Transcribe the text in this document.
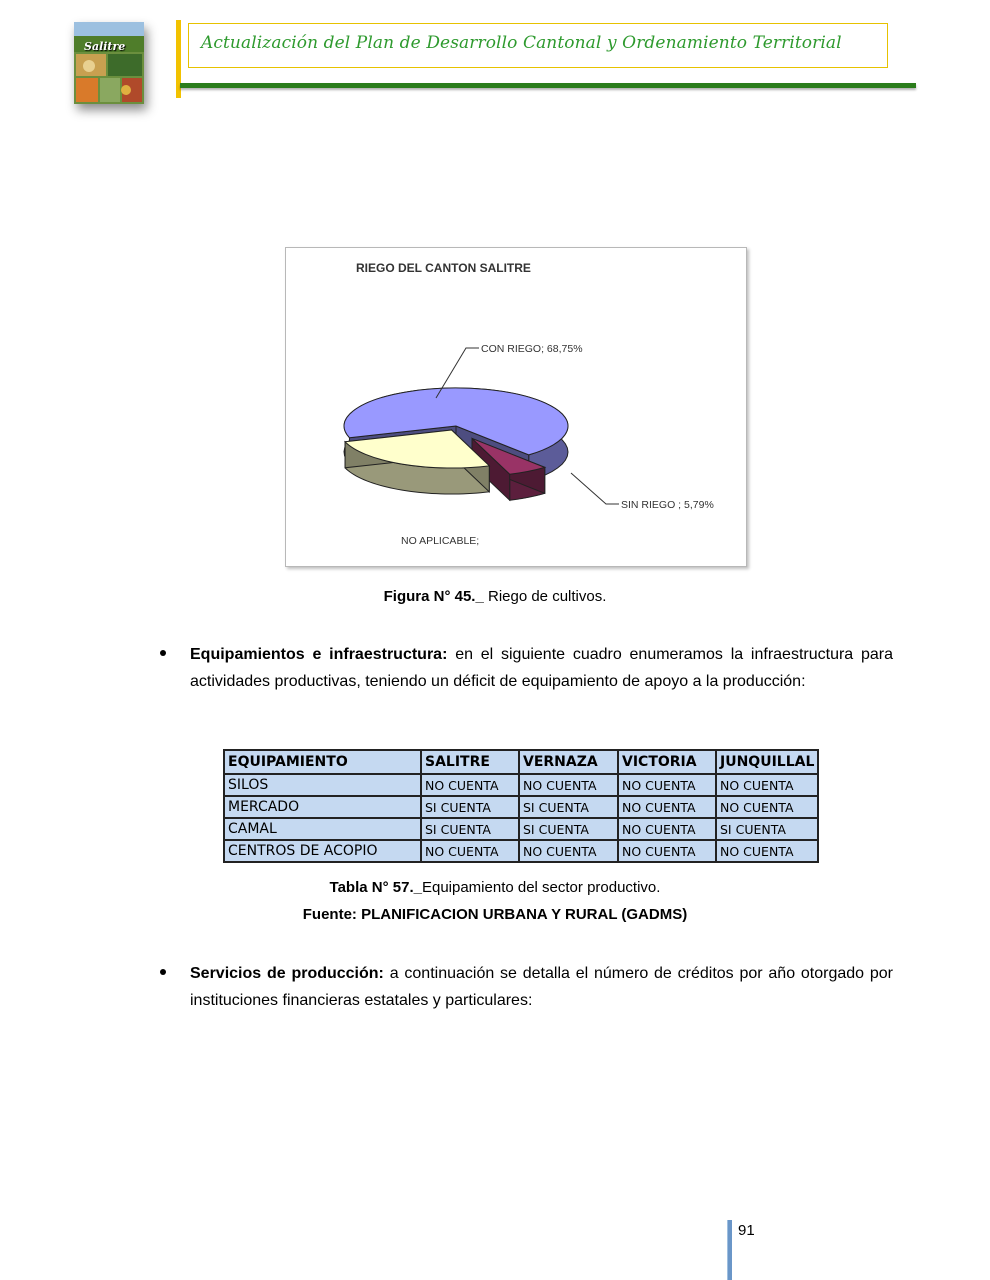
Salitre	Actualización del Plan de Desarrollo Cantonal y Ordenamiento Territorial
RIEGO DEL CANTON SALITRE
CON RIEGO; 68,75%
SIN RIEGO ; 5,79%
NO APLICABLE;
Figura N° 45._ Riego de cultivos.
Equipamientos e infraestructura: en el siguiente cuadro enumeramos la infraestructura para actividades productivas, teniendo un déficit de equipamiento de apoyo a la producción:
EQUIPAMIENTO	SALITRE	VERNAZA	VICTORIA	JUNQUILLAL
SILOS	NO CUENTA	NO CUENTA	NO CUENTA	NO CUENTA
MERCADO	SI CUENTA	SI CUENTA	NO CUENTA	NO CUENTA
CAMAL	SI CUENTA	SI CUENTA	NO CUENTA	SI CUENTA
CENTROS DE ACOPIO	NO CUENTA	NO CUENTA	NO CUENTA	NO CUENTA
Tabla N° 57._Equipamiento del sector productivo.
Fuente: PLANIFICACION URBANA Y RURAL (GADMS)
Servicios de producción: a continuación se detalla el número de créditos por año otorgado por instituciones financieras estatales y particulares:
91
